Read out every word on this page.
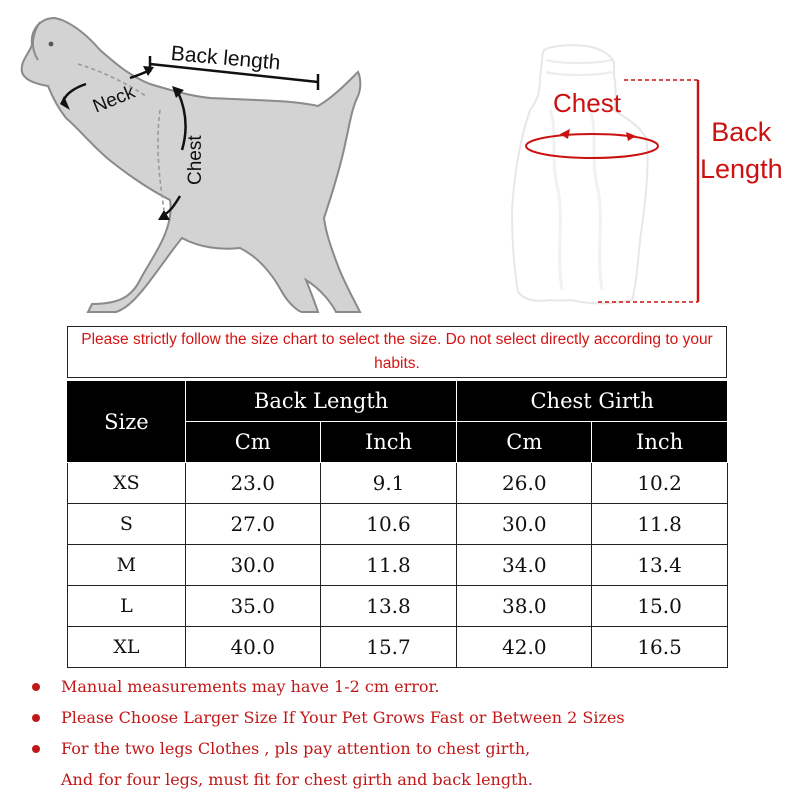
Back length
Neck
Chest
Chest
Back
Length

Please strictly follow the size chart to select the size. Do not select directly according to your habits.

Size	Back Length		Chest Girth	
	Cm	Inch	Cm	Inch
XS	23.0	9.1	26.0	10.2
S	27.0	10.6	30.0	11.8
M	30.0	11.8	34.0	13.4
L	35.0	13.8	38.0	15.0
XL	40.0	15.7	42.0	16.5
Manual measurements may have 1-2 cm error.
Please Choose Larger Size If Your Pet Grows Fast or Between 2 Sizes
For the two legs Clothes , pls pay attention to chest girth,
And for four legs, must fit for chest girth and back length.
